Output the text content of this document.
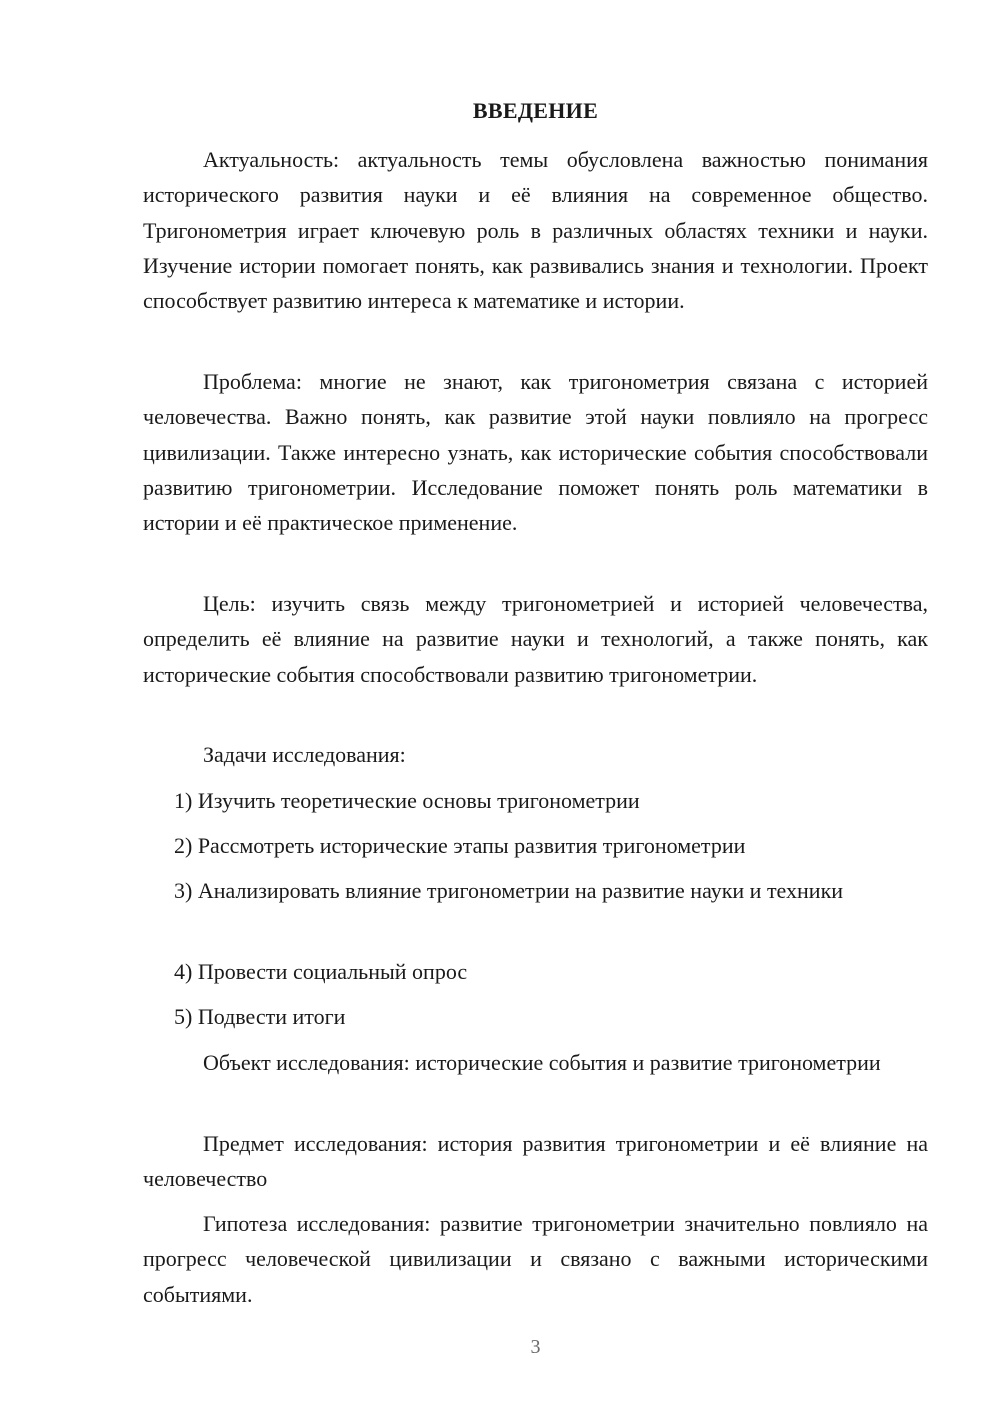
ВВЕДЕНИЕ

Актуальность: актуальность темы обусловлена важностью понимания исторического развития науки и её влияния на современное общество. Тригонометрия играет ключевую роль в различных областях техники и науки. Изучение истории помогает понять, как развивались знания и технологии. Проект способствует развитию интереса к математике и истории.

Проблема: многие не знают, как тригонометрия связана с историей человечества. Важно понять, как развитие этой науки повлияло на прогресс цивилизации. Также интересно узнать, как исторические события способствовали развитию тригонометрии. Исследование поможет понять роль математики в истории и её практическое применение.

Цель: изучить связь между тригонометрией и историей человечества, определить её влияние на развитие науки и технологий, а также понять, как исторические события способствовали развитию тригонометрии.

Задачи исследования:

1) Изучить теоретические основы тригонометрии

2) Рассмотреть исторические этапы развития тригонометрии

3) Анализировать влияние тригонометрии на развитие науки и техники

4) Провести социальный опрос

5) Подвести итоги

Объект исследования: исторические события и развитие тригонометрии

Предмет исследования: история развития тригонометрии и её влияние на человечество

Гипотеза исследования: развитие тригонометрии значительно повлияло на прогресс человеческой цивилизации и связано с важными историческими событиями.

3
